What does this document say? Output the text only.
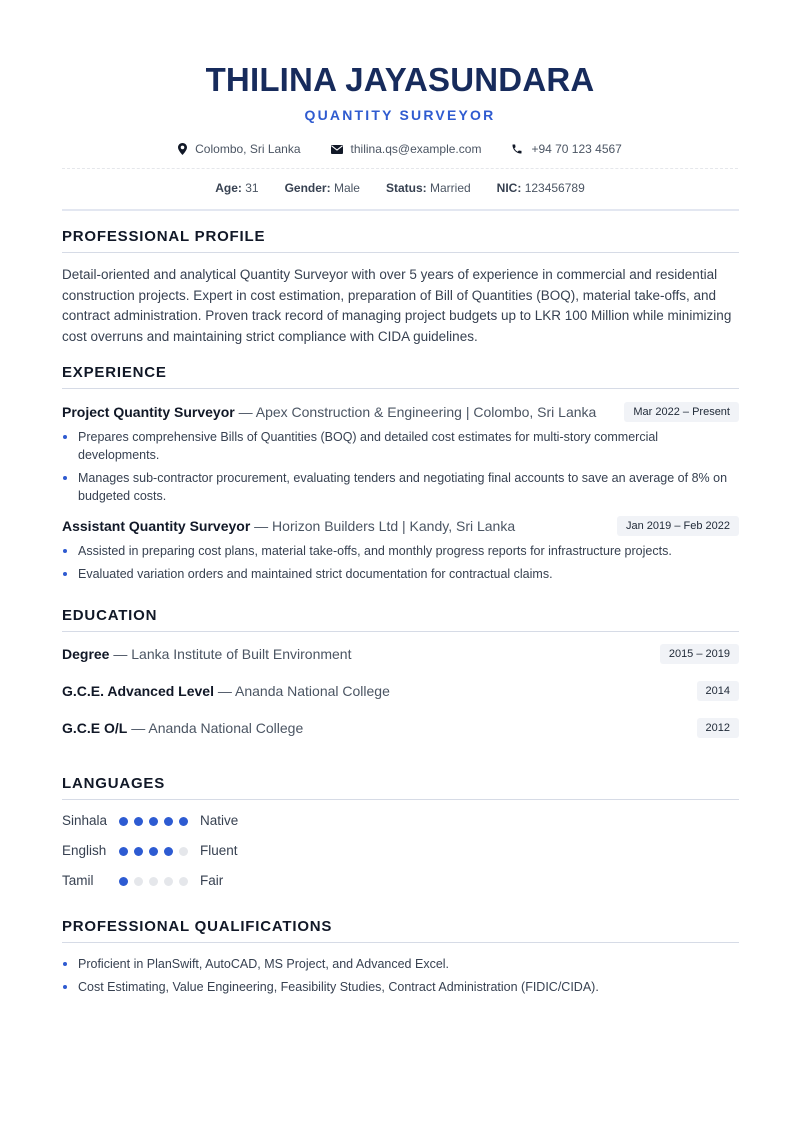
THILINA JAYASUNDARA
QUANTITY SURVEYOR
Colombo, Sri Lanka	thilina.qs@example.com	+94 70 123 4567
Age: 31 Gender: Male Status: Married NIC: 123456789
PROFESSIONAL PROFILE
Detail-oriented and analytical Quantity Surveyor with over 5 years of experience in commercial and residential construction projects. Expert in cost estimation, preparation of Bill of Quantities (BOQ), material take-offs, and contract administration. Proven track record of managing project budgets up to LKR 100 Million while minimizing cost overruns and maintaining strict compliance with CIDA guidelines.
EXPERIENCE
Project Quantity Surveyor — Apex Construction & Engineering | Colombo, Sri Lanka	Mar 2022 – Present
Prepares comprehensive Bills of Quantities (BOQ) and detailed cost estimates for multi-story commercial developments.
Manages sub-contractor procurement, evaluating tenders and negotiating final accounts to save an average of 8% on budgeted costs.
Assistant Quantity Surveyor — Horizon Builders Ltd | Kandy, Sri Lanka	Jan 2019 – Feb 2022
Assisted in preparing cost plans, material take-offs, and monthly progress reports for infrastructure projects.
Evaluated variation orders and maintained strict documentation for contractual claims.
EDUCATION
Degree — Lanka Institute of Built Environment	2015 – 2019
G.C.E. Advanced Level — Ananda National College	2014
G.C.E O/L — Ananda National College	2012
LANGUAGES
Sinhala	Native
English	Fluent
Tamil	Fair
PROFESSIONAL QUALIFICATIONS
Proficient in PlanSwift, AutoCAD, MS Project, and Advanced Excel.
Cost Estimating, Value Engineering, Feasibility Studies, Contract Administration (FIDIC/CIDA).
